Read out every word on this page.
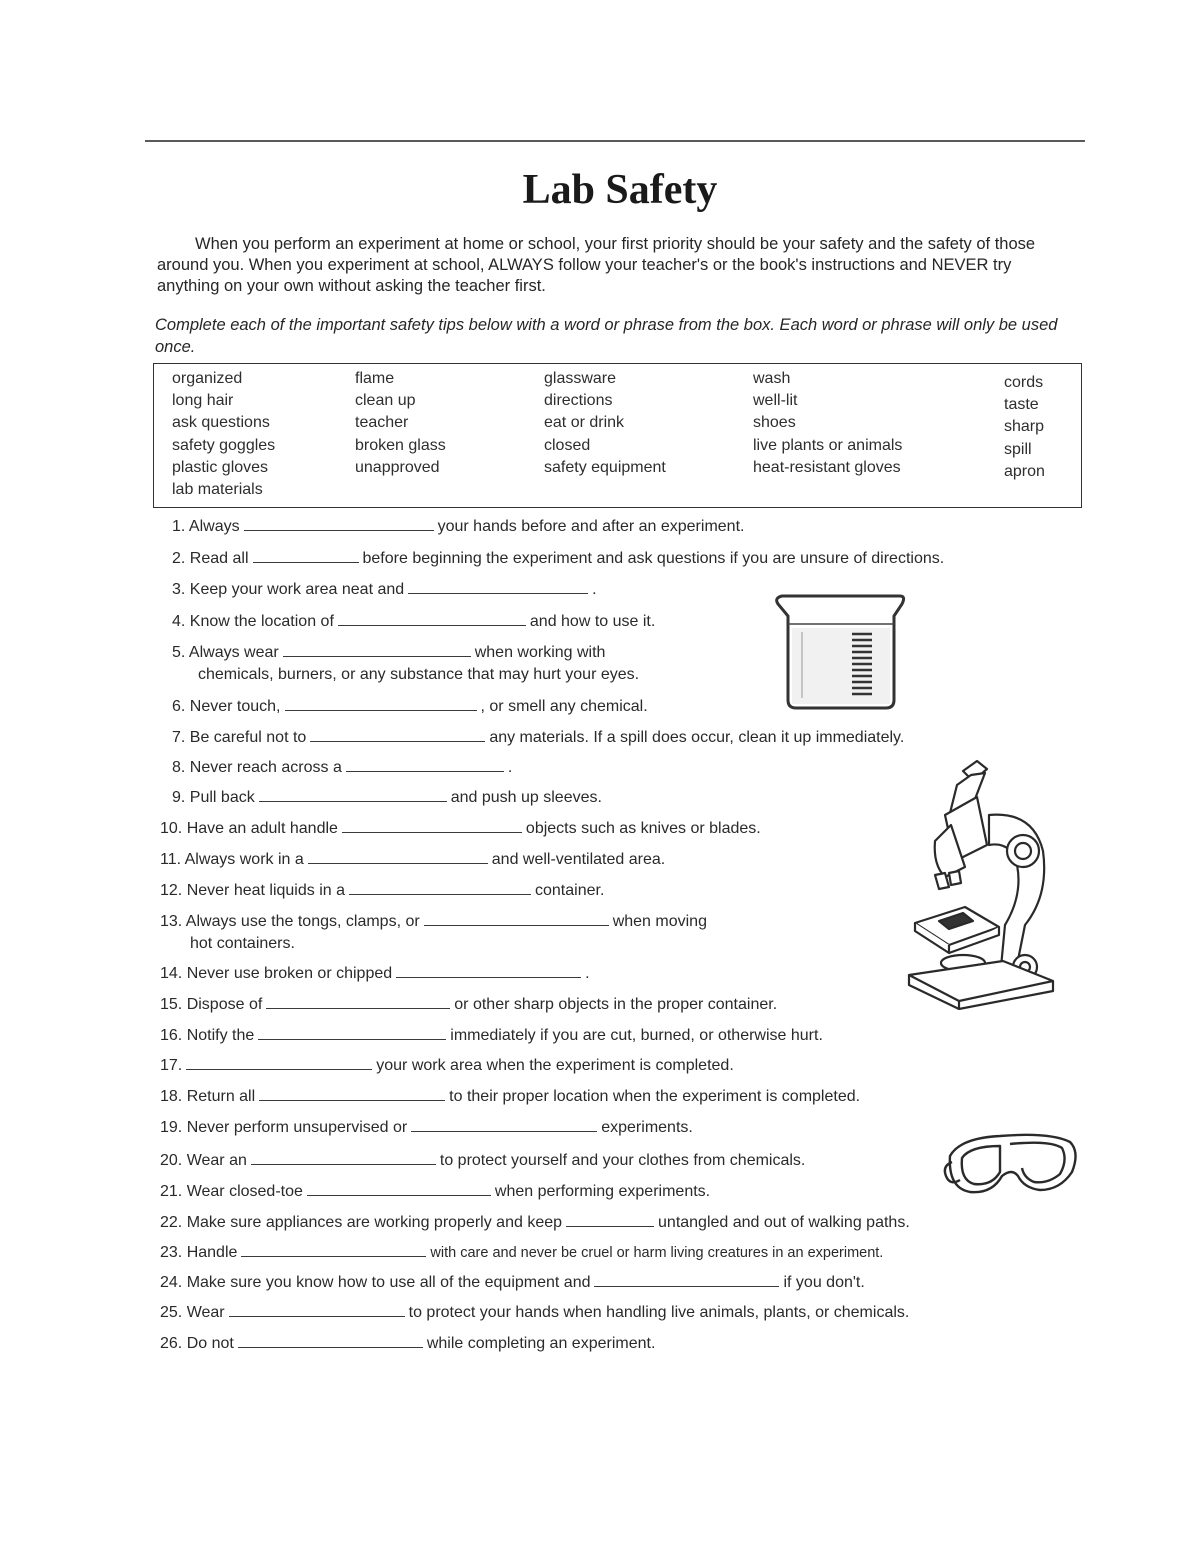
Lab Safety
When you perform an experiment at home or school, your first priority should be your safety and the safety of those around you. When you experiment at school, ALWAYS follow your teacher's or the book's instructions and NEVER try anything on your own without asking the teacher first.
Complete each of the important safety tips below with a word or phrase from the box. Each word or phrase will only be used once.
organized
long hair
ask questions
safety goggles
plastic gloves
lab materials
flame
clean up
teacher
broken glass
unapproved
glassware
directions
eat or drink
closed
safety equipment
wash
well-lit
shoes
live plants or animals
heat-resistant gloves
cords
taste
sharp
spill
apron
1. Always	your hands before and after an experiment.
2. Read all	before beginning the experiment and ask questions if you are unsure of directions.
3. Keep your work area neat and	.
4. Know the location of	and how to use it.
5. Always wear	when working with
chemicals, burners, or any substance that may hurt your eyes.
6. Never touch,	, or smell any chemical.
7. Be careful not to	any materials. If a spill does occur, clean it up immediately.
8. Never reach across a	.
9. Pull back	and push up sleeves.
10. Have an adult handle	objects such as knives or blades.
11. Always work in a	and well-ventilated area.
12. Never heat liquids in a	container.
13. Always use the tongs, clamps, or	when moving
hot containers.
14. Never use broken or chipped	.
15. Dispose of	or other sharp objects in the proper container.
16. Notify the	immediately if you are cut, burned, or otherwise hurt.
17.	your work area when the experiment is completed.
18. Return all	to their proper location when the experiment is completed.
19. Never perform unsupervised or	experiments.
20. Wear an	to protect yourself and your clothes from chemicals.
21. Wear closed-toe	when performing experiments.
22. Make sure appliances are working properly and keep	untangled and out of walking paths.
23. Handle	with care and never be cruel or harm living creatures in an experiment.
24. Make sure you know how to use all of the equipment and	if you don't.
25. Wear	to protect your hands when handling live animals, plants, or chemicals.
26. Do not	while completing an experiment.
